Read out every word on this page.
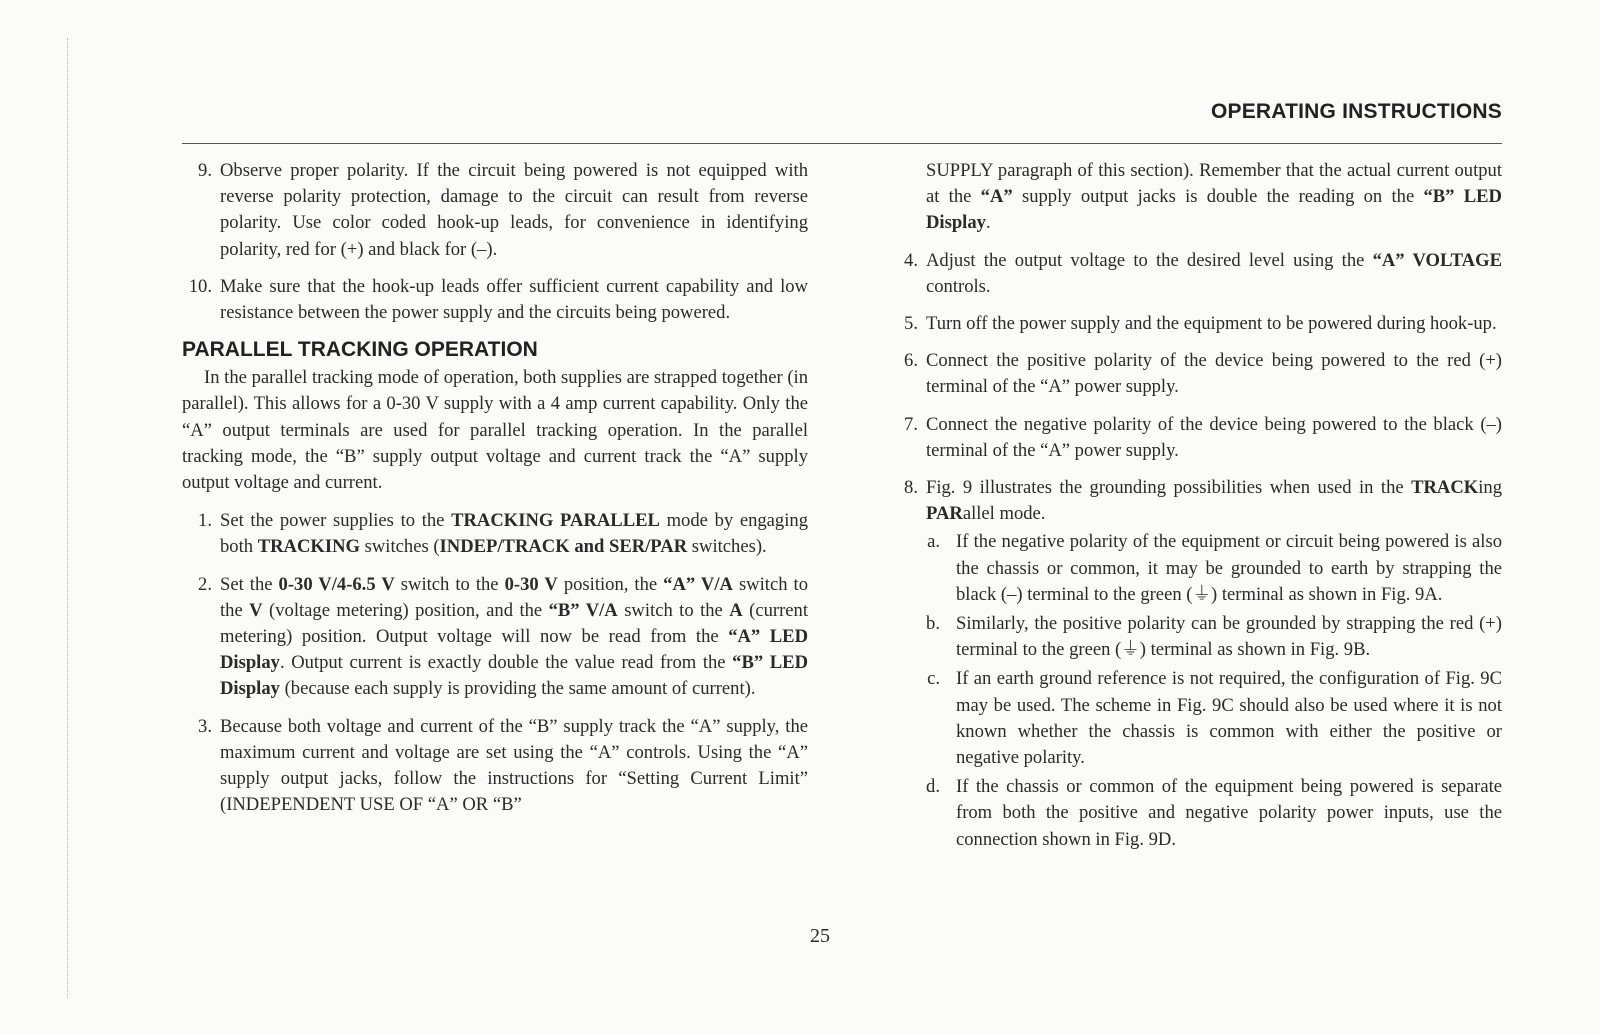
OPERATING INSTRUCTIONS
9. Observe proper polarity. If the circuit being powered is not equipped with reverse polarity protection, damage to the circuit can result from reverse polarity. Use color coded hook-up leads, for convenience in identifying polarity, red for (+) and black for (–).
10. Make sure that the hook-up leads offer sufficient current capability and low resistance between the power supply and the circuits being powered.
PARALLEL TRACKING OPERATION
In the parallel tracking mode of operation, both supplies are strapped together (in parallel). This allows for a 0-30 V supply with a 4 amp current capability. Only the “A” output terminals are used for parallel tracking operation. In the parallel tracking mode, the “B” supply output voltage and current track the “A” supply output voltage and current.
1. Set the power supplies to the TRACKING PARALLEL mode by engaging both TRACKING switches (INDEP/TRACK and SER/PAR switches).
2. Set the 0-30 V/4-6.5 V switch to the 0-30 V position, the “A” V/A switch to the V (voltage metering) position, and the “B” V/A switch to the A (current metering) position. Output voltage will now be read from the “A” LED Display. Output current is exactly double the value read from the “B” LED Display (because each supply is providing the same amount of current).
3. Because both voltage and current of the “B” supply track the “A” supply, the maximum current and voltage are set using the “A” controls. Using the “A” supply output jacks, follow the instructions for “Setting Current Limit” (INDEPENDENT USE OF “A” OR “B”
SUPPLY paragraph of this section). Remember that the actual current output at the “A” supply output jacks is double the reading on the “B” LED Display.
4. Adjust the output voltage to the desired level using the “A” VOLTAGE controls.
5. Turn off the power supply and the equipment to be powered during hook-up.
6. Connect the positive polarity of the device being powered to the red (+) terminal of the “A” power supply.
7. Connect the negative polarity of the device being powered to the black (–) terminal of the “A” power supply.
8. Fig. 9 illustrates the grounding possibilities when used in the TRACKing PARallel mode.
a. If the negative polarity of the equipment or circuit being powered is also the chassis or common, it may be grounded to earth by strapping the black (–) terminal to the green (⏚) terminal as shown in Fig. 9A.
b. Similarly, the positive polarity can be grounded by strapping the red (+) terminal to the green (⏚) terminal as shown in Fig. 9B.
c. If an earth ground reference is not required, the configuration of Fig. 9C may be used. The scheme in Fig. 9C should also be used where it is not known whether the chassis is common with either the positive or negative polarity.
d. If the chassis or common of the equipment being powered is separate from both the positive and negative polarity power inputs, use the connection shown in Fig. 9D.
25
